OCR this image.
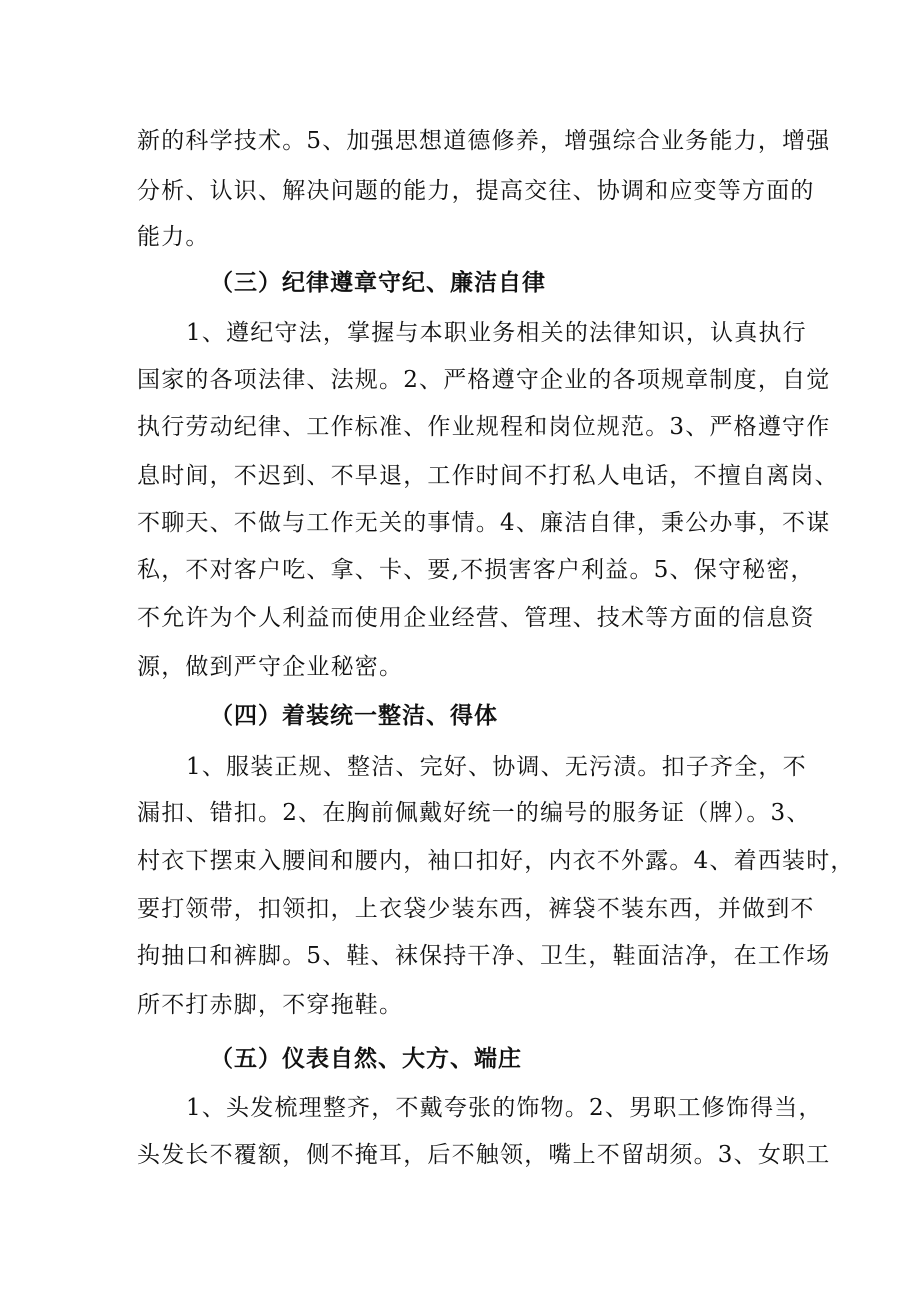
新的科学技术。5、加强思想道德修养，增强综合业务能力，增强
分析、认识、解决问题的能力，提高交往、协调和应变等方面的
能力。
（三）纪律遵章守纪、廉洁自律
1、遵纪守法，掌握与本职业务相关的法律知识，认真执行
国家的各项法律、法规。2、严格遵守企业的各项规章制度，自觉
执行劳动纪律、工作标准、作业规程和岗位规范。3、严格遵守作
息时间，不迟到、不早退，工作时间不打私人电话，不擅自离岗、
不聊天、不做与工作无关的事情。4、廉洁自律，秉公办事，不谋
私，不对客户吃、拿、卡、要,不损害客户利益。5、保守秘密，
不允许为个人利益而使用企业经营、管理、技术等方面的信息资
源，做到严守企业秘密。
（四）着装统一整洁、得体
1、服装正规、整洁、完好、协调、无污渍。扣子齐全，不
漏扣、错扣。2、在胸前佩戴好统一的编号的服务证（牌）。3、
村衣下摆束入腰间和腰内，袖口扣好，内衣不外露。4、着西装时，
要打领带，扣领扣，上衣袋少装东西，裤袋不装东西，并做到不
拘抽口和裤脚。5、鞋、袜保持干净、卫生，鞋面洁净，在工作场
所不打赤脚，不穿拖鞋。
（五）仪表自然、大方、端庄
1、头发梳理整齐，不戴夸张的饰物。2、男职工修饰得当，
头发长不覆额，侧不掩耳，后不触领，嘴上不留胡须。3、女职工
